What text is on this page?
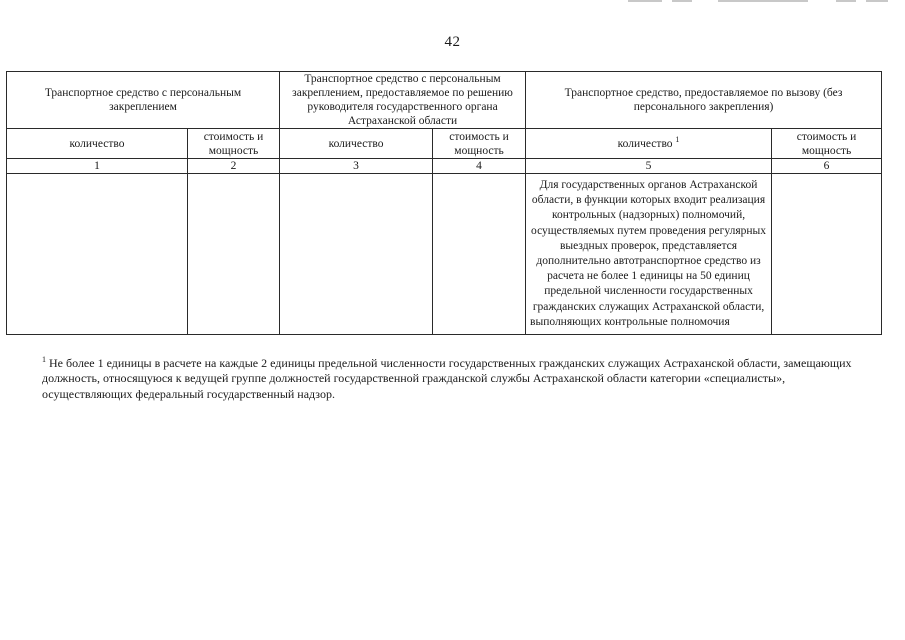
42
Транспортное средство с персональным закреплением		Транспортное средство с персональным закреплением, предоставляемое по решению руководителя государственного органа Астраханской области		Транспортное средство, предоставляемое по вызову (без персонального закрепления)	
количество	стоимость и мощность	количество	стоимость и мощность	количество $^1$	стоимость и мощность
1	2	3	4	5	6
				Для государственных органов Астраханской области, в функции которых входит реализация контрольных (надзорных) полномочий, осуществляемых путем проведения регулярных выездных проверок, представляется дополнительно автотранспортное средство из расчета не более 1 единицы на 50 единиц предельной численности государственных гражданских служащих Астраханской области, выполняющих контрольные полномочия	
$^1$ Не более 1 единицы в расчете на каждые 2 единицы предельной численности государственных гражданских служащих Астраханской области, замещающих должность, относящуюся к ведущей группе должностей государственной гражданской службы Астраханской области категории «специалисты», осуществляющих федеральный государственный надзор.
